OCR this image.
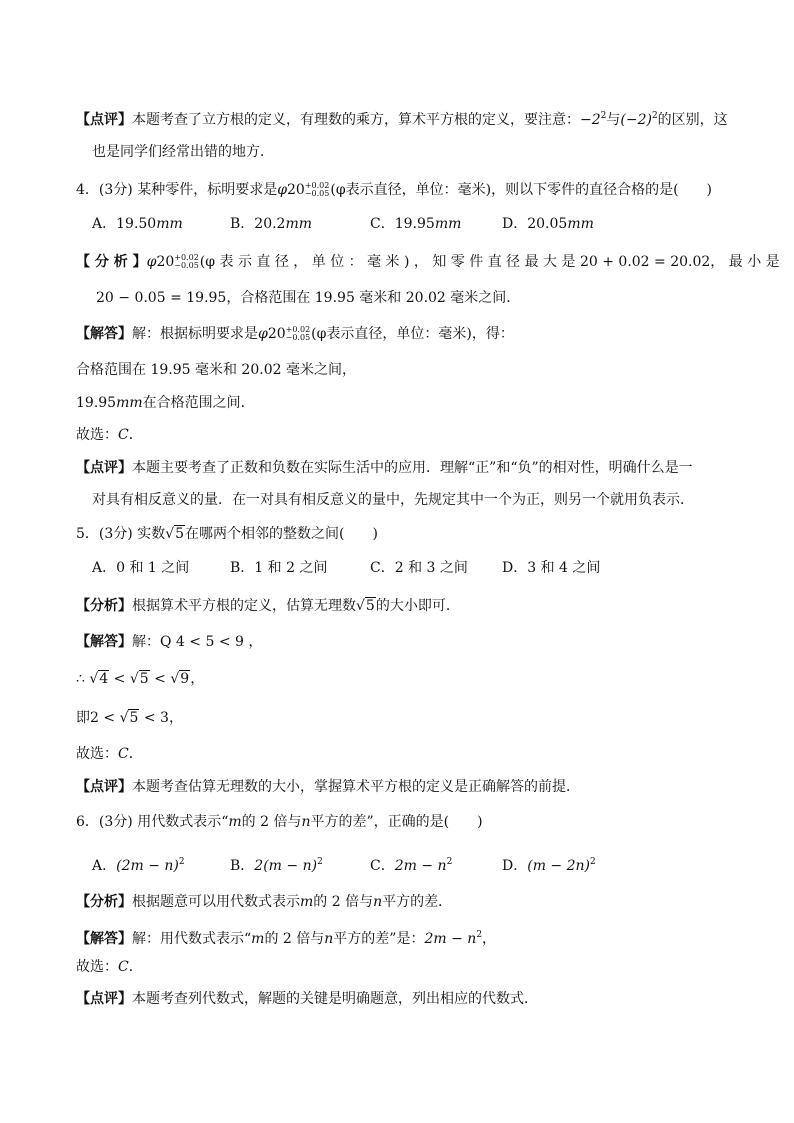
【点评】本题考查了立方根的定义，有理数的乘方，算术平方根的定义，要注意：$-2^2$与$(-2)^2$的区别，这
也是同学们经常出错的地方．
4．(3分) 某种零件，标明要求是φ20 +0.02
−0.05 (φ表示直径，单位：毫米)，则以下零件的直径合格的是(　　)
A．19.50mm	B．20.2mm	C．19.95mm	D．20.05mm
【 分 析 】φ20 +0.02
−0.05 (φ 表 示 直 径 ， 单 位 ： 毫 米 ) ， 知 零 件 直 径 最 大 是 20 + 0.02 = 20.02， 最 小 是
20 − 0.05 = 19.95，合格范围在 19.95 毫米和 20.02 毫米之间．
【解答】解：根据标明要求是φ20 +0.02
−0.05 (φ表示直径，单位：毫米)，得：
合格范围在 19.95 毫米和 20.02 毫米之间，
19.95mm在合格范围之间．
故选：C．
【点评】本题主要考查了正数和负数在实际生活中的应用．理解“正”和“负”的相对性，明确什么是一
对具有相反意义的量．在一对具有相反意义的量中，先规定其中一个为正，则另一个就用负表示．
5．(3分) 实数√5在哪两个相邻的整数之间(　　)
A．0 和 1 之间	B．1 和 2 之间	C．2 和 3 之间 D．3 和 4 之间
【分析】根据算术平方根的定义，估算无理数√5的大小即可．
【解答】解：Q 4 < 5 < 9 ，
∴ √4 < √5 < √9，
即2 < √5 < 3，
故选：C．
【点评】本题考查估算无理数的大小，掌握算术平方根的定义是正确解答的前提．
6．(3分) 用代数式表示“m的 2 倍与n平方的差”，正确的是(　　)
A．$(2m - n)^2$	B．$2(m - n)^2$	C．$2m - n^2$	D．$(m - 2n)^2$
【分析】根据题意可以用代数式表示m的 2 倍与n平方的差．
【解答】解：用代数式表示“m的 2 倍与n平方的差”是：$2m - n^2$，
故选：C．
【点评】本题考查列代数式，解题的关键是明确题意，列出相应的代数式．
